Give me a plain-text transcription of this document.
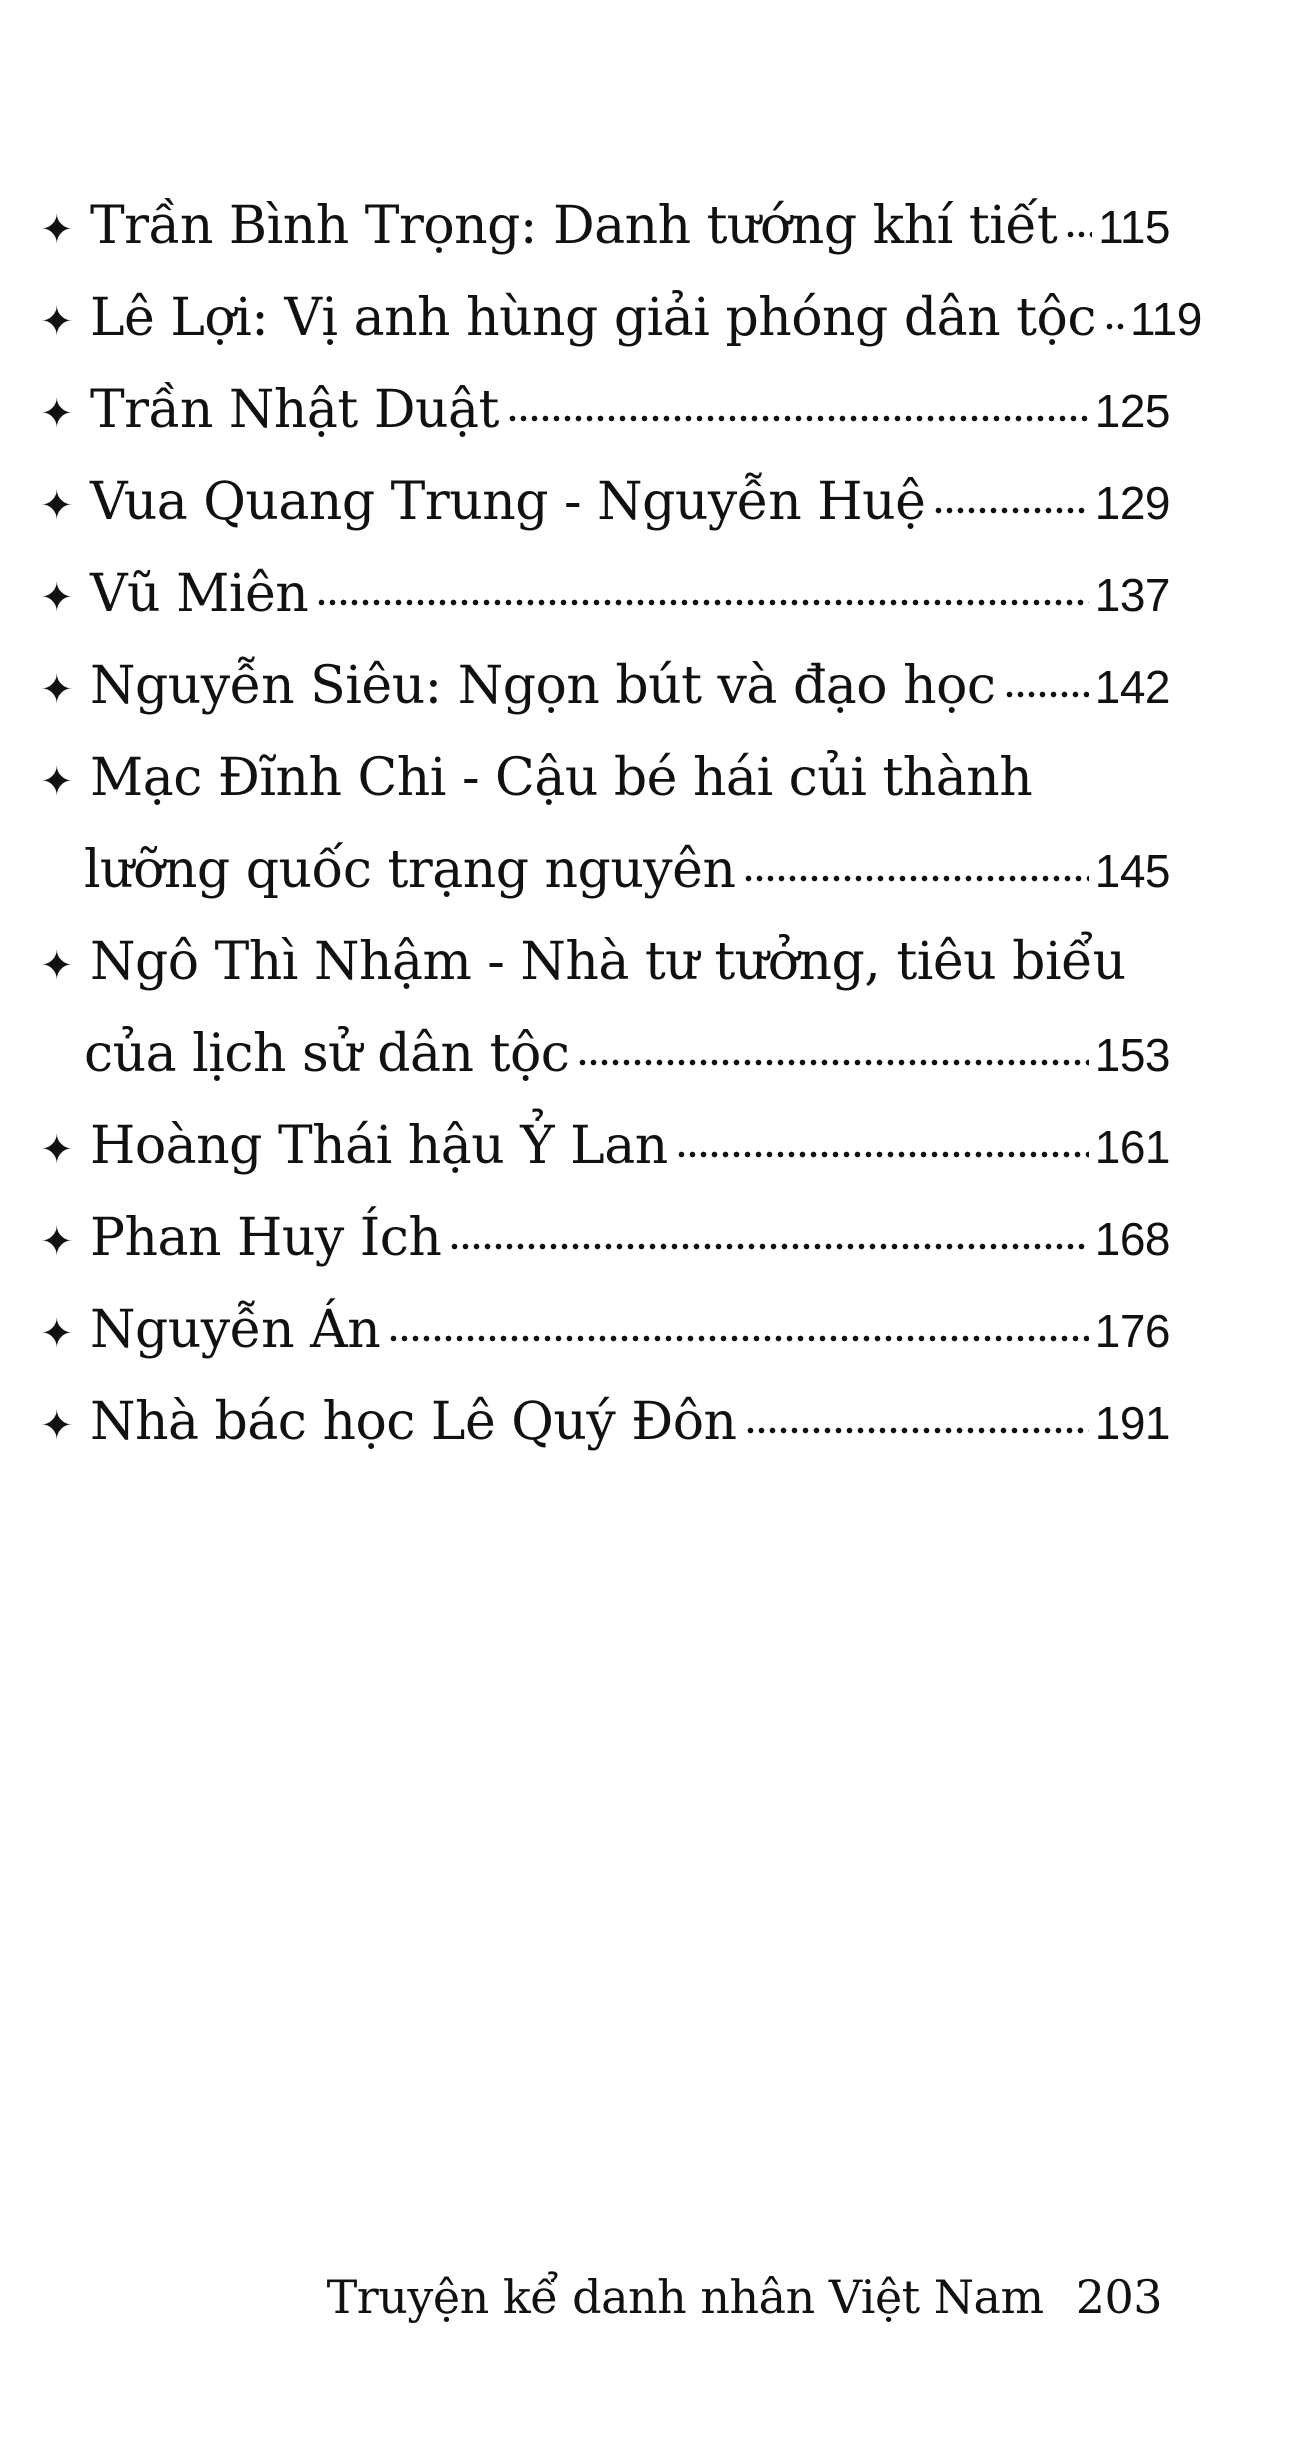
✦ Trần Bình Trọng: Danh tướng khí tiết 115
✦ Lê Lợi: Vị anh hùng giải phóng dân tộc 119
✦ Trần Nhật Duật	125
✦ Vua Quang Trung - Nguyễn Huệ	129
✦ Vũ Miên	137
✦ Nguyễn Siêu: Ngọn bút và đạo học 142
✦ Mạc Đĩnh Chi - Cậu bé hái củi thành
lưỡng quốc trạng nguyên	145
✦ Ngô Thì Nhậm - Nhà tư tưởng, tiêu biểu
của lịch sử dân tộc	153
✦ Hoàng Thái hậu Ỷ Lan	161
✦ Phan Huy Ích	168
✦ Nguyễn Án	176
✦ Nhà bác học Lê Quý Đôn	191
Truyện kể danh nhân Việt Nam 203
